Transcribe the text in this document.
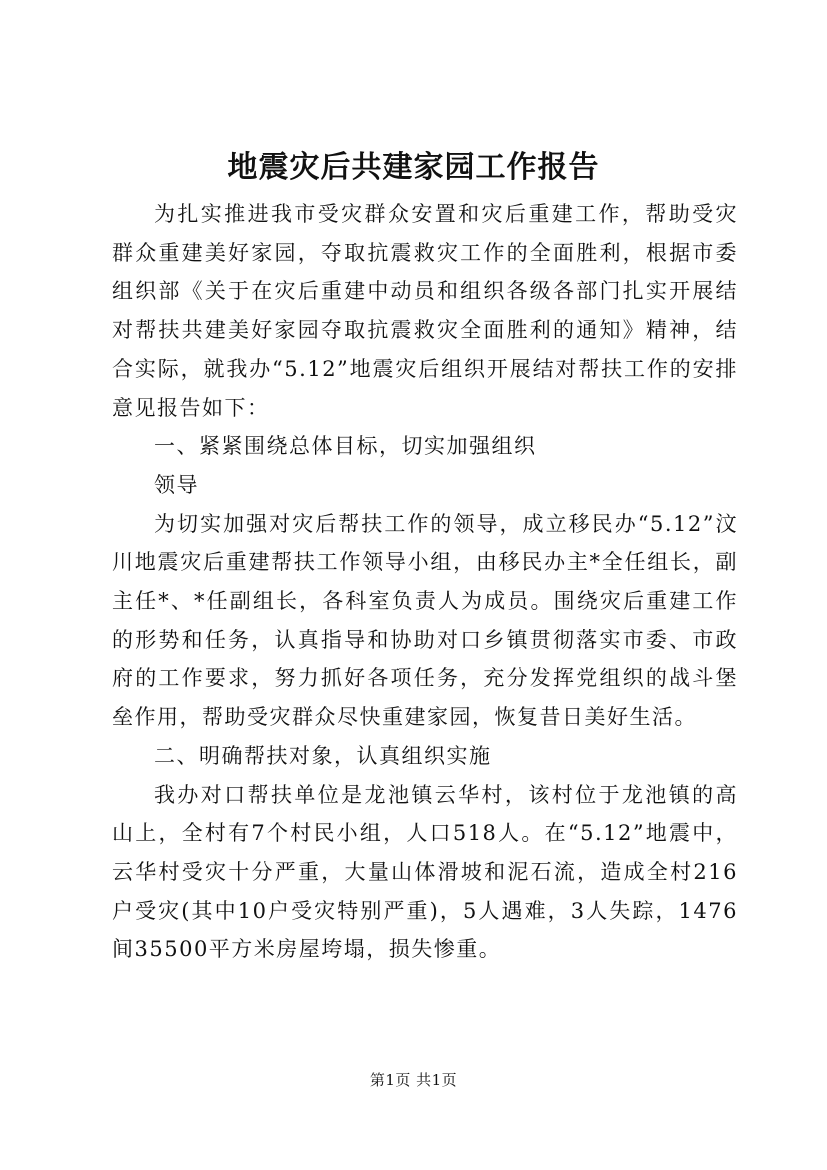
地震灾后共建家园工作报告

为扎实推进我市受灾群众安置和灾后重建工作，帮助受灾群众重建美好家园，夺取抗震救灾工作的全面胜利，根据市委组织部《关于在灾后重建中动员和组织各级各部门扎实开展结对帮扶共建美好家园夺取抗震救灾全面胜利的通知》精神，结合实际，就我办“5.12”地震灾后组织开展结对帮扶工作的安排意见报告如下：

一、紧紧围绕总体目标，切实加强组织

领导

为切实加强对灾后帮扶工作的领导，成立移民办“5.12”汶川地震灾后重建帮扶工作领导小组，由移民办主*全任组长，副主任*、*任副组长，各科室负责人为成员。围绕灾后重建工作的形势和任务，认真指导和协助对口乡镇贯彻落实市委、市政府的工作要求，努力抓好各项任务，充分发挥党组织的战斗堡垒作用，帮助受灾群众尽快重建家园，恢复昔日美好生活。

二、明确帮扶对象，认真组织实施

我办对口帮扶单位是龙池镇云华村，该村位于龙池镇的高山上，全村有7个村民小组，人口518人。在“5.12”地震中，云华村受灾十分严重，大量山体滑坡和泥石流，造成全村216户受灾(其中10户受灾特别严重)，5人遇难，3人失踪，1476间35500平方米房屋垮塌，损失惨重。

第1页 共1页
